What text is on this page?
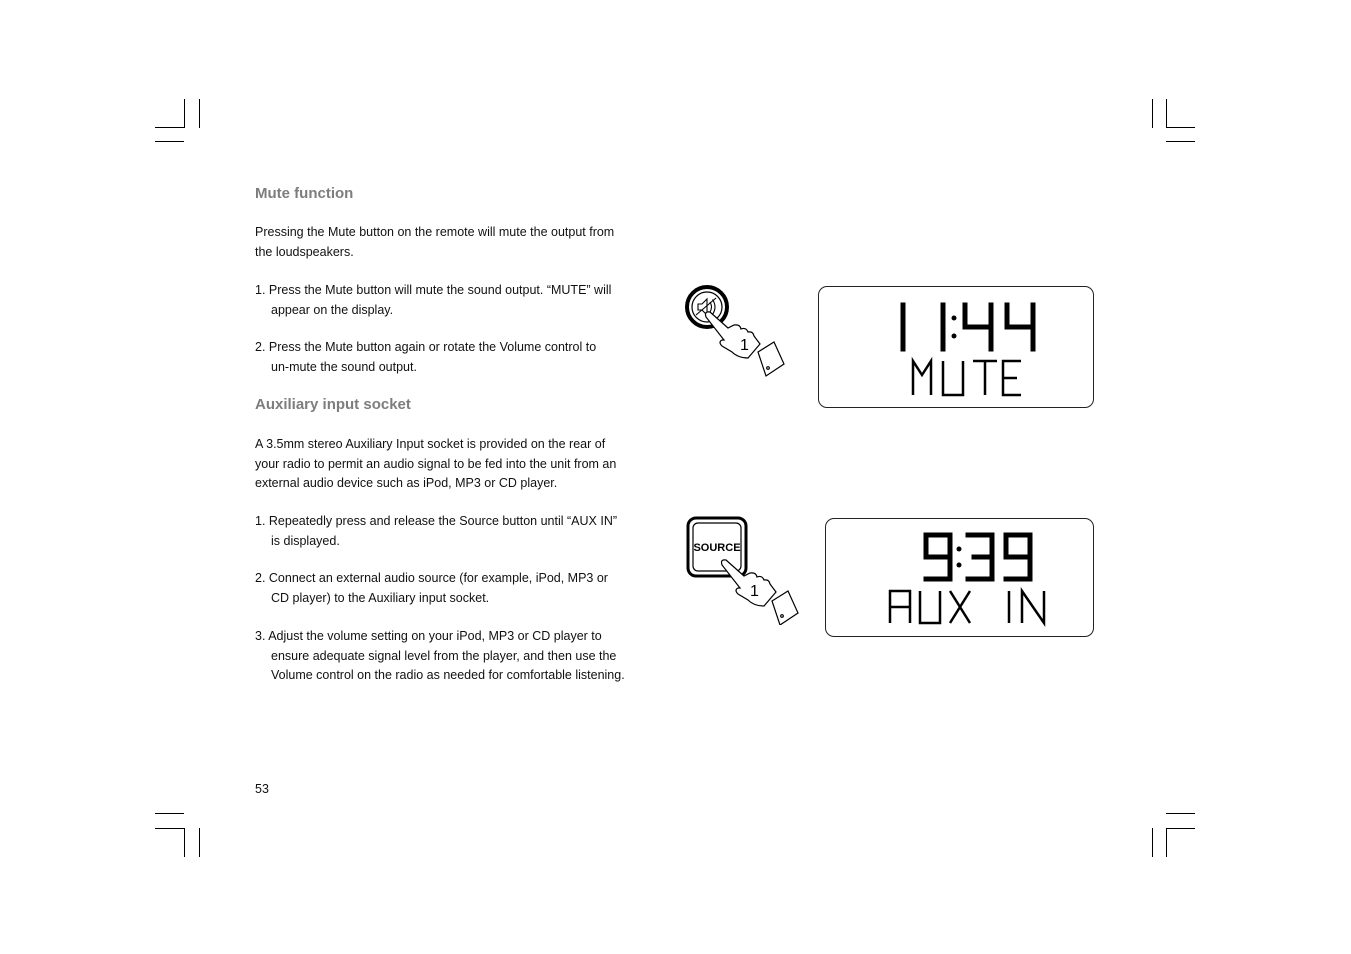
Mute function

Pressing the Mute button on the remote will mute the output from
the loudspeakers.

1. Press the Mute button will mute the sound output. “MUTE” will
appear on the display.

2. Press the Mute button again or rotate the Volume control to
un-mute the sound output.

Auxiliary input socket

A 3.5mm stereo Auxiliary Input socket is provided on the rear of
your radio to permit an audio signal to be fed into the unit from an
external audio device such as iPod, MP3 or CD player.

1. Repeatedly press and release the Source button until “AUX IN”
is displayed.

2. Connect an external audio source (for example, iPod, MP3 or
CD player) to the Auxiliary input socket.

3. Adjust the volume setting on your iPod, MP3 or CD player to
ensure adequate signal level from the player, and then use the
Volume control on the radio as needed for comfortable listening.

53
1
SOURCE
1
